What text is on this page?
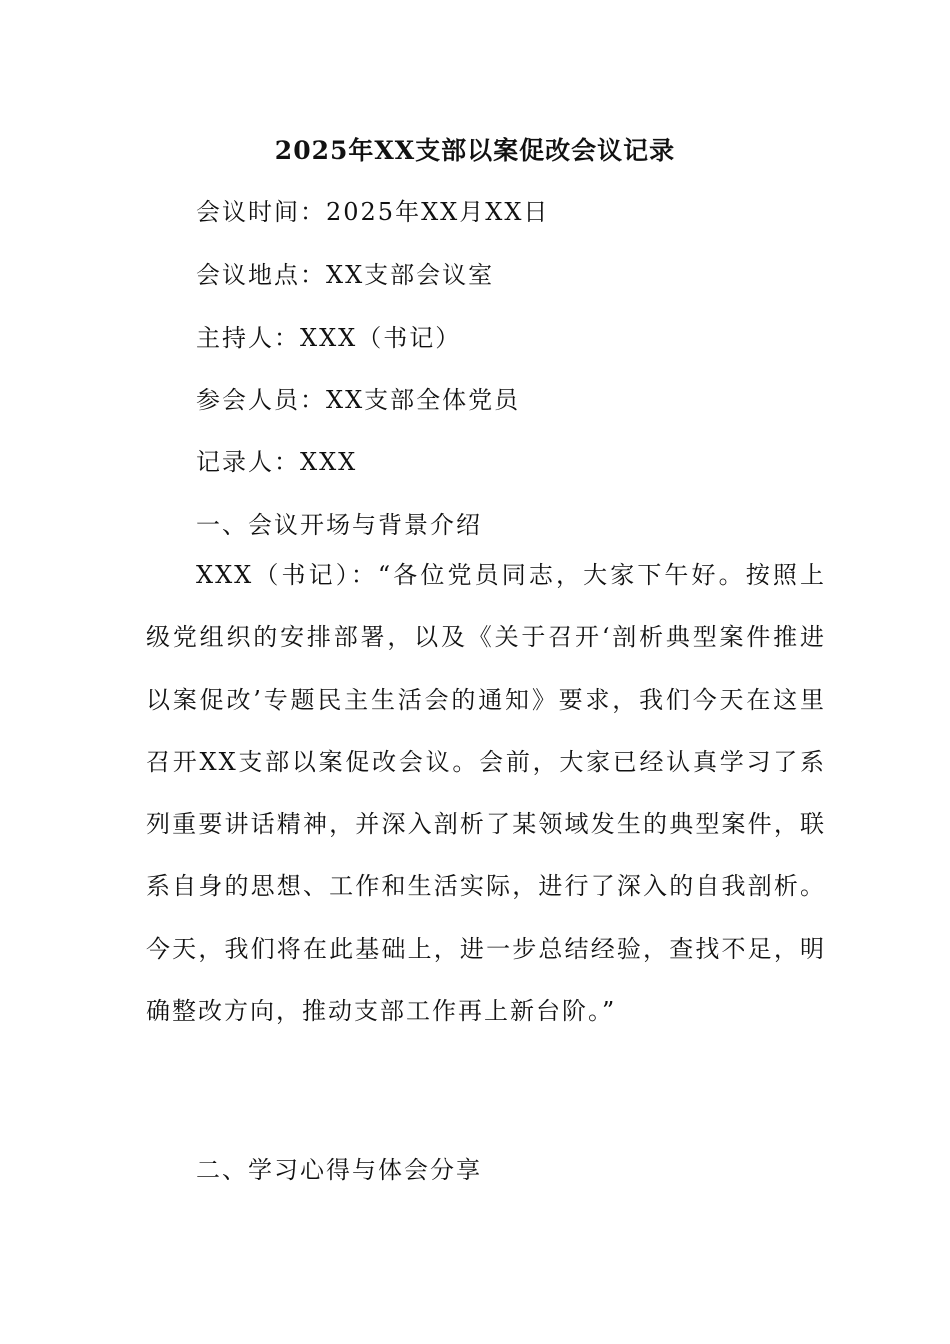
2025年XX支部以案促改会议记录
会议时间：2025年XX月XX日
会议地点：XX支部会议室
主持人：XXX（书记）
参会人员：XX支部全体党员
记录人：XXX
一、会议开场与背景介绍

XXX（书记）：“各位党员同志，大家下午好。按照上级党组织的安排部署，以及《关于召开‘剖析典型案件推进以案促改’专题民主生活会的通知》要求，我们今天在这里召开XX支部以案促改会议。会前，大家已经认真学习了系列重要讲话精神，并深入剖析了某领域发生的典型案件，联系自身的思想、工作和生活实际，进行了深入的自我剖析。今天，我们将在此基础上，进一步总结经验，查找不足，明确整改方向，推动支部工作再上新台阶。”

二、学习心得与体会分享
